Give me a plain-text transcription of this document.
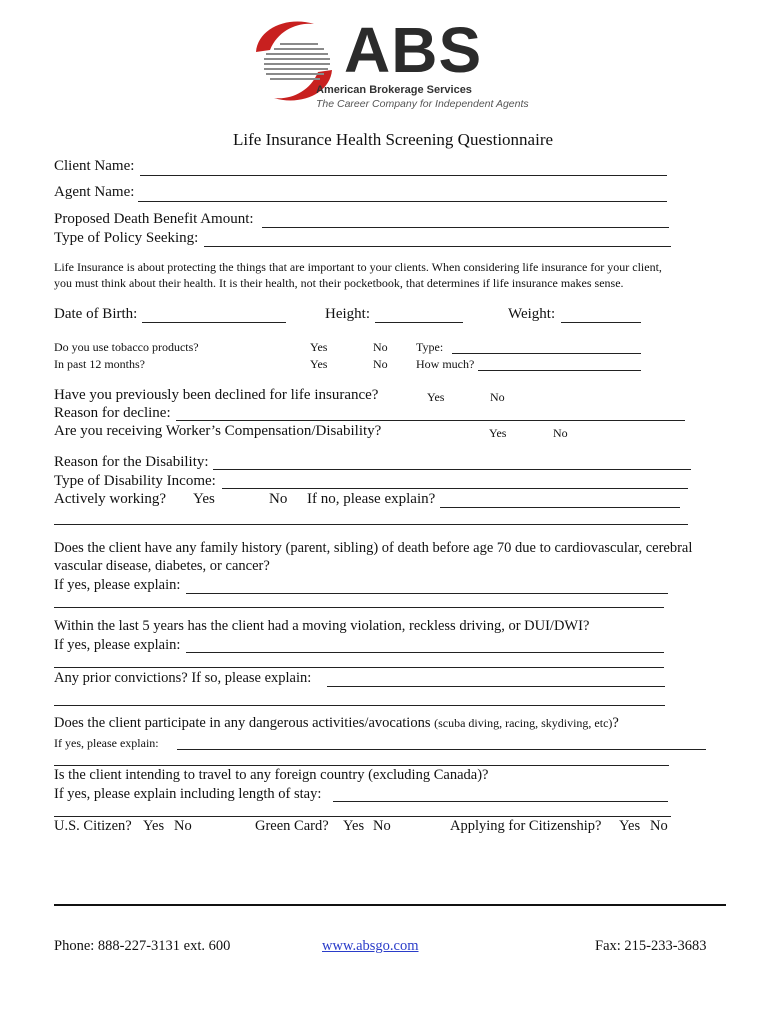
ABS
American Brokerage Services
The Career Company for Independent Agents
Life Insurance Health Screening Questionnaire
Client Name:
Agent Name:
Proposed Death Benefit Amount:
Type of Policy Seeking:
Life Insurance is about protecting the things that are important to your clients. When considering life insurance for your client,
you must think about their health. It is their health, not their pocketbook, that determines if life insurance makes sense.
Date of Birth:	Height:	Weight:
Do you use tobacco products?	Yes	No Type:
In past 12 months?	Yes	No How much?
Have you previously been declined for life insurance?	Yes	No
Reason for decline:
Are you receiving Worker’s Compensation/Disability?	Yes	No
Reason for the Disability:
Type of Disability Income:
Actively working? Yes	No If no, please explain?
Does the client have any family history (parent, sibling) of death before age 70 due to cardiovascular, cerebral
vascular disease, diabetes, or cancer?
If yes, please explain:
Within the last 5 years has the client had a moving violation, reckless driving, or DUI/DWI?
If yes, please explain:
Any prior convictions? If so, please explain:
Does the client participate in any dangerous activities/avocations (scuba diving, racing, skydiving, etc)?
If yes, please explain:
Is the client intending to travel to any foreign country (excluding Canada)?
If yes, please explain including length of stay:
U.S. Citizen? Yes No	Green Card? Yes No	Applying for Citizenship? Yes No
Phone: 888-227-3131 ext. 600	www.absgo.com	Fax: 215-233-3683
